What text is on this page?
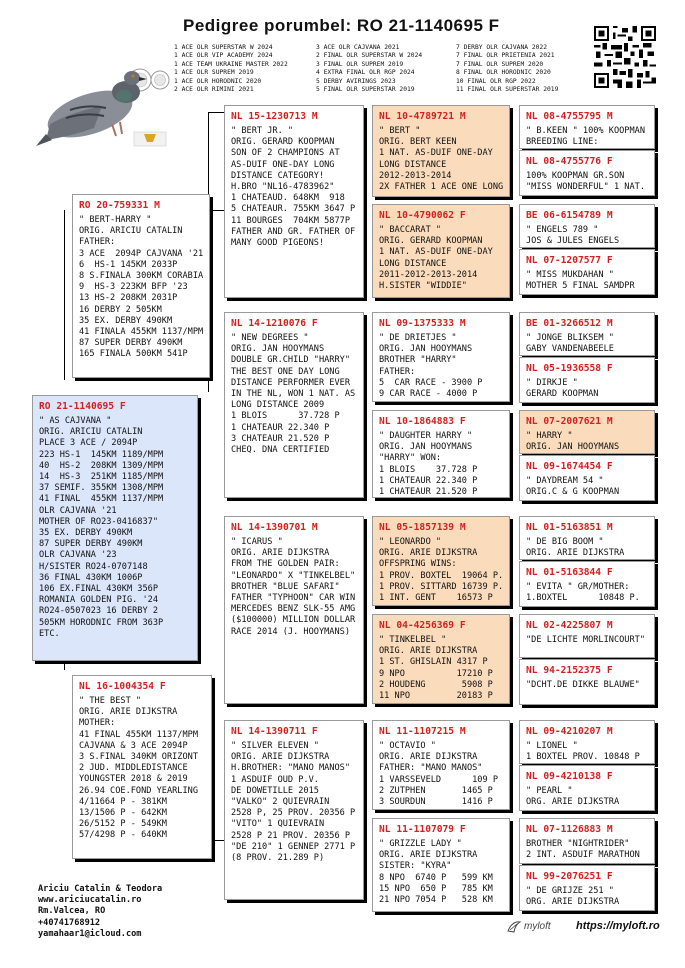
Pedigree porumbel: RO 21-1140695 F
1 ACE OLR SUPERSTAR W 2024
1 ACE OLR VIP ACADEMY 2024
1 ACE TEAM UKRAINE MASTER 2022
1 ACE OLR SUPREM 2019
1 ACE OLR HORODNIC 2020
2 ACE OLR RIMINI 2021
3 ACE OLR CAJVANA 2021
2 FINAL OLR SUPERSTAR W 2024
3 FINAL OLR SUPREM 2019
4 EXTRA FINAL OLR RGP 2024
5 DERBY AVIRINGS 2023
5 FINAL OLR SUPERSTAR 2019
7 DERBY OLR CAJVANA 2022
7 FINAL OLR PRIETENIA 2021
7 FINAL OLR SUPREM 2020
8 FINAL OLR HORODNIC 2020
10 FINAL OLR RGP 2022
11 FINAL OLR SUPERSTAR 2019
RO 21-1140695 F
" AS CAJVANA "
ORIG. ARICIU CATALIN
PLACE 3 ACE / 2094P
223 HS-1  145KM 1189/MPM
40  HS-2  208KM 1309/MPM
14  HS-3  251KM 1185/MPM
37 SEMIF. 355KM 1308/MPM
41 FINAL  455KM 1137/MPM
OLR CAJVANA '21
MOTHER OF RO23-0416837"
35 EX. DERBY 490KM
87 SUPER DERBY 490KM
OLR CAJVANA '23
H/SISTER RO24-0707148
36 FINAL 430KM 1006P
106 EX.FINAL 430KM 356P
ROMANIA GOLDEN PIG. '24
RO24-0507023 16 DERBY 2
505KM HORODNIC FROM 363P
ETC.
RO 20-759331 M
" BERT-HARRY "
ORIG. ARICIU CATALIN
FATHER:
3 ACE  2094P CAJVANA '21
6  HS-1 145KM 2033P
8 S.FINALA 300KM CORABIA
9  HS-3 223KM BFP '23
13 HS-2 208KM 2031P
16 DERBY 2 505KM
35 EX. DERBY 490KM
41 FINALA 455KM 1137/MPM
87 SUPER DERBY 490KM
165 FINALA 500KM 541P
NL 16-1004354 F
" THE BEST "
ORIG. ARIE DIJKSTRA
MOTHER:
41 FINAL 455KM 1137/MPM
CAJVANA & 3 ACE 2094P
3 S.FINAL 340KM ORIZONT
2 JUD. MIDDLEDISTANCE
YOUNGSTER 2018 & 2019
26.94 COE.FOND YEARLING
4/11664 P - 381KM
13/1506 P - 642KM
26/5152 P - 549KM
57/4298 P - 640KM
NL 15-1230713 M
" BERT JR. "
ORIG. GERARD KOOPMAN
SON OF 2 CHAMPIONS AT
AS-DUIF ONE-DAY LONG
DISTANCE CATEGORY!
H.BRO "NL16-4783962"
1 CHATEAUD. 648KM  918
5 CHATEAUR. 755KM 3647 P
11 BOURGES  704KM 5877P
FATHER AND GR. FATHER OF
MANY GOOD PIGEONS!
NL 14-1210076 F
" NEW DEGREES "
ORIG. JAN HOOYMANS
DOUBLE GR.CHILD "HARRY"
THE BEST ONE DAY LONG
DISTANCE PERFORMER EVER
IN THE NL, WON 1 NAT. AS
LONG DISTANCE 2009
1 BLOIS      37.728 P
1 CHATEAUR 22.340 P
3 CHATEAUR 21.520 P
CHEQ. DNA CERTIFIED
NL 14-1390701 M
" ICARUS "
ORIG. ARIE DIJKSTRA
FROM THE GOLDEN PAIR:
"LEONARDO" X "TINKELBEL"
BROTHER "BLUE SAFARI"
FATHER "TYPHOON" CAR WIN
MERCEDES BENZ SLK-55 AMG
($100000) MILLION DOLLAR
RACE 2014 (J. HOOYMANS)
NL 14-1390711 F
" SILVER ELEVEN "
ORIG. ARIE DIJKSTRA
H.BROTHER: "MANO MANOS"
1 ASDUIF OUD P.V.
DE DOWETILLE 2015
"VALKO" 2 QUIEVRAIN
2528 P, 25 PROV. 20356 P
"VITO" 1 QUIEVRAIN
2528 P 21 PROV. 20356 P
"DE 210" 1 GENNEP 2771 P
(8 PROV. 21.289 P)
NL 10-4789721 M
" BERT "
ORIG. BERT KEEN
1 NAT. AS-DUIF ONE-DAY
LONG DISTANCE
2012-2013-2014
2X FATHER 1 ACE ONE LONG
NL 10-4790062 F
" BACCARAT "
ORIG. GERARD KOOPMAN
1 NAT. AS-DUIF ONE-DAY
LONG DISTANCE
2011-2012-2013-2014
H.SISTER "WIDDIE"
NL 09-1375333 M
" DE DRIETJES "
ORIG. JAN HOOYMANS
BROTHER "HARRY"
FATHER:
5  CAR RACE - 3900 P
9 CAR RACE - 4000 P
NL 10-1864883 F
" DAUGHTER HARRY "
ORIG. JAN HOOYMANS
"HARRY" WON:
1 BLOIS    37.728 P
1 CHATEAUR 22.340 P
1 CHATEAUR 21.520 P
NL 05-1857139 M
" LEONARDO "
ORIG. ARIE DIJKSTRA
OFFSPRING WINS:
1 PROV. BOXTEL  19064 P.
1 PROV. SITTARD 16739 P.
1 INT. GENT    16573 P
NL 04-4256369 F
" TINKELBEL "
ORIG. ARIE DIJKSTRA
1 ST. GHISLAIN 4317 P
9 NPO          17210 P
2 HOUDENG       5908 P
11 NPO         20183 P
NL 11-1107215 M
" OCTAVIO "
ORIG. ARIE DIJKSTRA
FATHER: "MANO MANOS"
1 VARSSEVELD      109 P
2 ZUTPHEN       1465 P
3 SOURDUN       1416 P
NL 11-1107079 F
" GRIZZLE LADY "
ORIG. ARIE DIJKSTRA
SISTER: "KYRA"
8 NPO  6740 P   599 KM
15 NPO  650 P   785 KM
21 NPO 7054 P   528 KM
NL 08-4755795 M
" B.KEEN " 100% KOOPMAN
BREEDING LINE:
NL 08-4755776 F
100% KOOPMAN GR.SON
"MISS WONDERFUL" 1 NAT.
BE 06-6154789 M
" ENGELS 789 "
JOS & JULES ENGELS
NL 07-1207577 F
" MISS MUKDAHAN "
MOTHER 5 FINAL SAMDPR
BE 01-3266512 M
" JONGE BLIKSEM "
GABY VANDENABEELE
NL 05-1936558 F
" DIRKJE "
GERARD KOOPMAN
NL 07-2007621 M
" HARRY "
ORIG. JAN HOOYMANS
NL 09-1674454 F
" DAYDREAM 54 "
ORIG.C & G KOOPMAN
NL 01-5163851 M
" DE BIG BOOM "
ORIG. ARIE DIJKSTRA
NL 01-5163844 F
" EVITA " GR/MOTHER:
1.BOXTEL      10848 P.
NL 02-4225807 M
"DE LICHTE MORLINCOURT"
NL 94-2152375 F
"DCHT.DE DIKKE BLAUWE"
NL 09-4210207 M
" LIONEL "
1 BOXTEL PROV. 10848 P
NL 09-4210138 F
" PEARL "
ORG. ARIE DIJKSTRA
NL 07-1126883 M
BROTHER "NIGHTRIDER"
2 INT. ASDUIF MARATHON
NL 99-2076251 F
" DE GRIJZE 251 "
ORG. ARIE DIJKSTRA
Ariciu Catalin & Teodora
www.ariciucatalin.ro
Rm.Valcea, RO
+40741768912
yamahaar1@icloud.com
myloft https://myloft.ro
